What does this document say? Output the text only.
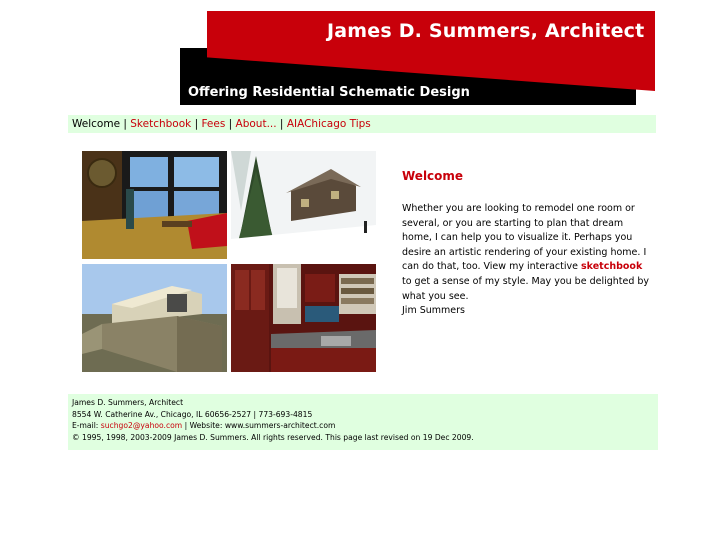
James D. Summers, Architect
Offering Residential Schematic Design
Welcome | Sketchbook | Fees | About... | AIAChicago Tips
Welcome
Whether you are looking to remodel one room or several, or you are starting to plan that dream home, I can help you to visualize it. Perhaps you desire an artistic rendering of your existing home. I can do that, too. View my interactive sketchbook to get a sense of my style. May you be delighted by what you see.
Jim Summers
James D. Summers, Architect
8554 W. Catherine Av., Chicago, IL 60656-2527 | 773-693-4815
E-mail: suchgo2@yahoo.com | Website: www.summers-architect.com
© 1995, 1998, 2003-2009 James D. Summers. All rights reserved. This page last revised on 19 Dec 2009.
